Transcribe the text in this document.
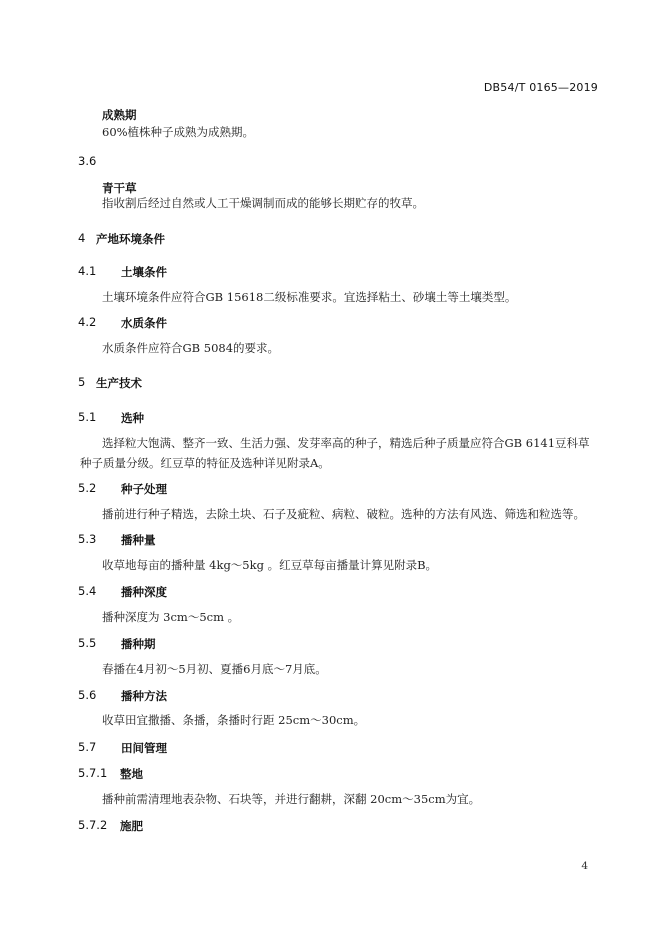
DB54/T 0165—2019
成熟期
60%植株种子成熟为成熟期。
3.6
青干草
指收割后经过自然或人工干燥调制而成的能够长期贮存的牧草。
4 产地环境条件
4.1 土壤条件
土壤环境条件应符合GB 15618二级标准要求。宜选择粘土、砂壤土等土壤类型。
4.2 水质条件
水质条件应符合GB 5084的要求。
5 生产技术
5.1 选种
选择粒大饱满、整齐一致、生活力强、发芽率高的种子，精选后种子质量应符合GB 6141豆科草种子质量分级。红豆草的特征及选种详见附录A。
5.2 种子处理
播前进行种子精选，去除土块、石子及疵粒、病粒、破粒。选种的方法有风选、筛选和粒选等。
5.3 播种量
收草地每亩的播种量 4kg～5kg 。红豆草每亩播量计算见附录B。
5.4 播种深度
播种深度为 3cm～5cm 。
5.5 播种期
春播在4月初～5月初、夏播6月底～7月底。
5.6 播种方法
收草田宜撒播、条播，条播时行距 25cm～30cm。
5.7 田间管理
5.7.1 整地
播种前需清理地表杂物、石块等，并进行翻耕，深翻 20cm～35cm为宜。
5.7.2 施肥
4
